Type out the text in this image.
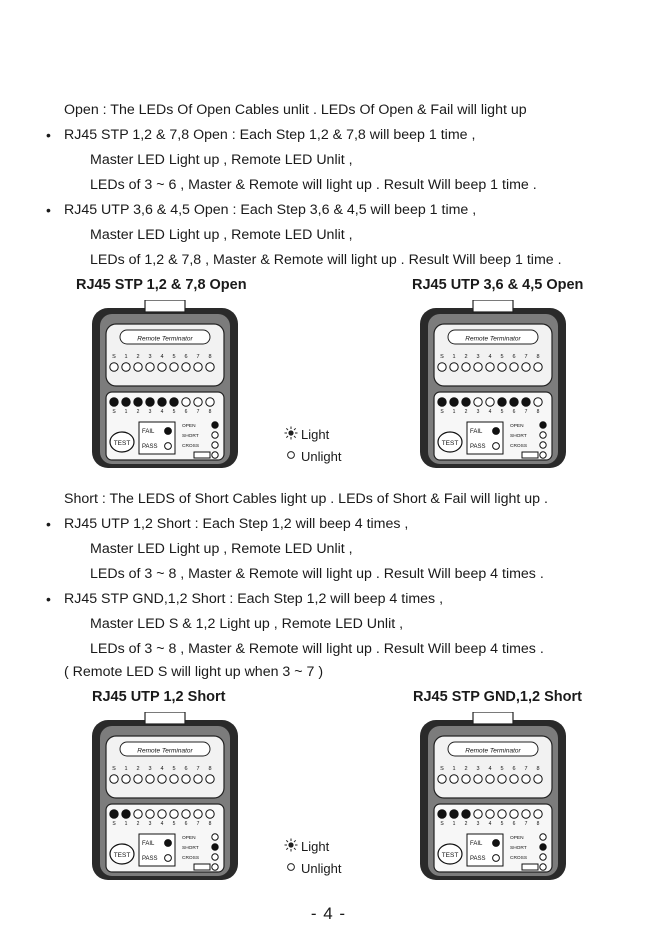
Open : The LEDs Of Open Cables unlit . LEDs Of Open & Fail will light up
• RJ45 STP 1,2 & 7,8 Open : Each Step 1,2 & 7,8 will beep 1 time ,
Master LED Light up , Remote LED Unlit ,
LEDs of 3 ~ 6 , Master & Remote will light up . Result Will beep 1 time .
• RJ45 UTP 3,6 & 4,5 Open : Each Step 3,6 & 4,5 will beep 1 time ,
Master LED Light up , Remote LED Unlit ,
LEDs of 1,2 & 7,8 , Master & Remote will light up . Result Will beep 1 time .
RJ45 STP 1,2 & 7,8 Open	RJ45 UTP 3,6 & 4,5 Open
Remote Terminator
S 1 2 3 4 5 6 7 8
S 1 2 3 4 5 6 7 8
TEST
FAIL
PASS
OPEN
SHORT
CROSS
Remote Terminator
S 1 2 3 4 5 6 7 8
S 1 2 3 4 5 6 7 8
TEST
FAIL
PASS
OPEN
SHORT
CROSS
Light
Unlight
Short : The LEDS of Short Cables light up . LEDs of Short & Fail will light up .
• RJ45 UTP 1,2 Short : Each Step 1,2 will beep 4 times ,
Master LED Light up , Remote LED Unlit ,
LEDs of 3 ~ 8 , Master & Remote will light up . Result Will beep 4 times .
• RJ45 STP GND,1,2 Short : Each Step 1,2 will beep 4 times ,
Master LED S & 1,2 Light up , Remote LED Unlit ,
LEDs of 3 ~ 8 , Master & Remote will light up . Result Will beep 4 times .
( Remote LED S will light up when 3 ~ 7 )
RJ45 UTP 1,2 Short	RJ45 STP GND,1,2 Short
Remote Terminator
S 1 2 3 4 5 6 7 8
S 1 2 3 4 5 6 7 8
TEST
FAIL
PASS
OPEN
SHORT
CROSS
Remote Terminator
S 1 2 3 4 5 6 7 8
S 1 2 3 4 5 6 7 8
TEST
FAIL
PASS
OPEN
SHORT
CROSS
Light
Unlight
- 4 -
